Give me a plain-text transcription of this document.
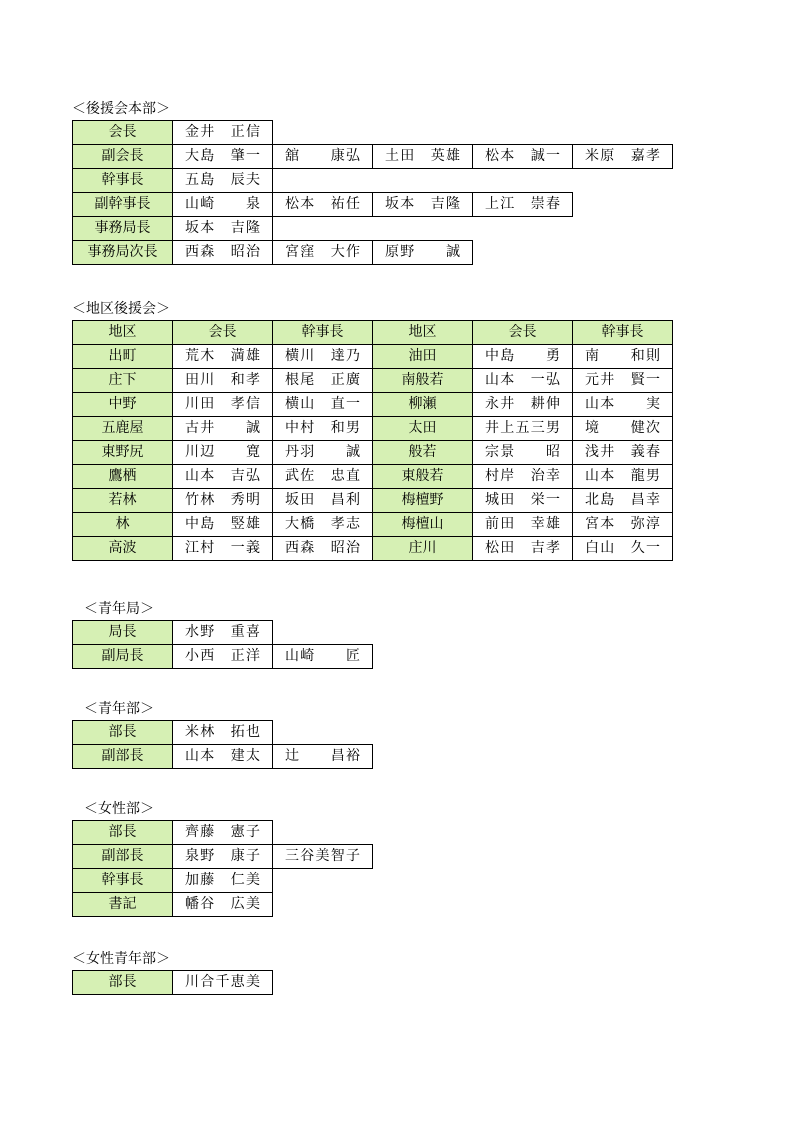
＜後援会本部＞
会長	金井　正信
副会長	大島　肇一	舘　　康弘	土田　英雄	松本　誠一	米原　嘉孝
幹事長	五島　辰夫
副幹事長	山崎　　泉	松本　祐任	坂本　吉隆	上江　崇春
事務局長	坂本　吉隆
事務局次長	西森　昭治	宮窪　大作	原野　　誠
＜地区後援会＞
地区	会長	幹事長	地区	会長	幹事長
出町	荒木　満雄	横川　達乃	油田	中島　　勇	南　　和則
庄下	田川　和孝	根尾　正廣	南般若	山本　一弘	元井　賢一
中野	川田　孝信	横山　直一	柳瀬	永井　耕伸	山本　　実
五鹿屋	古井　　誠	中村　和男	太田	井上五三男	境　　健次
東野尻	川辺　　寛	丹羽　　誠	般若	宗景　　昭	浅井　義春
鷹栖	山本　吉弘	武佐　忠直	東般若	村岸　治幸	山本　龍男
若林	竹林　秀明	坂田　昌利	梅檀野	城田　栄一	北島　昌幸
林	中島　竪雄	大橋　孝志	梅檀山	前田　幸雄	宮本　弥淳
高波	江村　一義	西森　昭治	庄川	松田　吉孝	白山　久一
＜青年局＞
局長	水野　重喜
副局長	小西　正洋	山崎　　匠
＜青年部＞
部長	米林　拓也
副部長	山本　建太	辻　　昌裕
＜女性部＞
部長	齊藤　憲子
副部長	泉野　康子	三谷美智子
幹事長	加藤　仁美
書記	幡谷　広美
＜女性青年部＞
部長	川合千恵美
